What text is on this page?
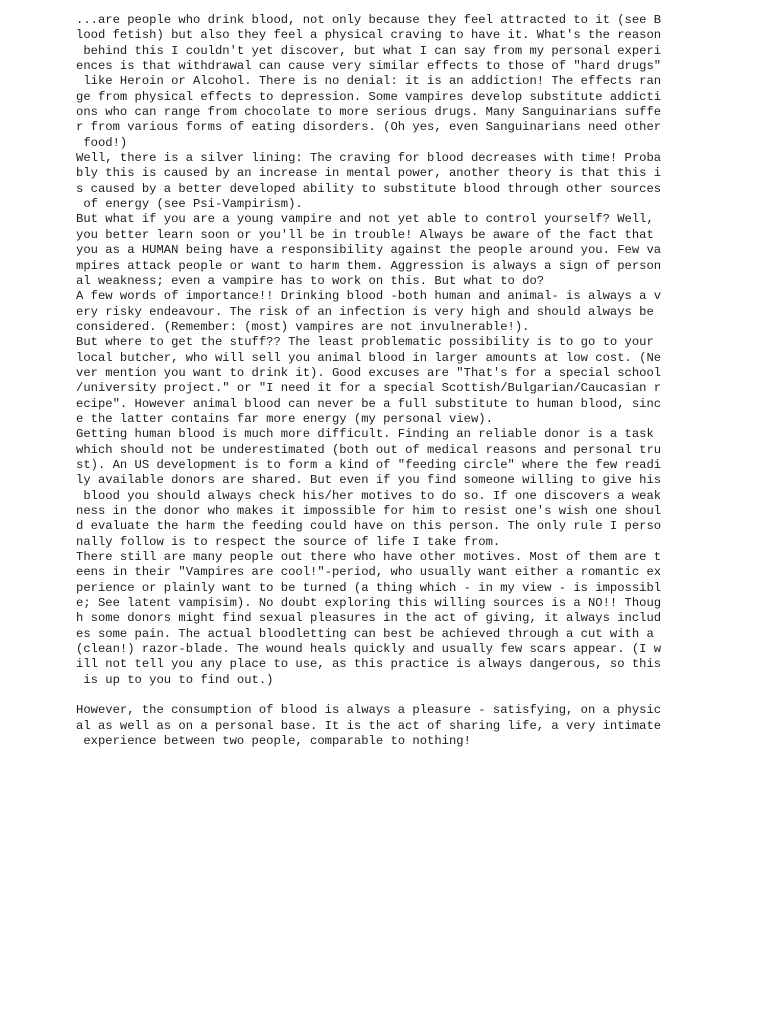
...are people who drink blood, not only because they feel attracted to it (see B
lood fetish) but also they feel a physical craving to have it. What's the reason
behind this I couldn't yet discover, but what I can say from my personal experi
ences is that withdrawal can cause very similar effects to those of "hard drugs"
like Heroin or Alcohol. There is no denial: it is an addiction! The effects ran
ge from physical effects to depression. Some vampires develop substitute addicti
ons who can range from chocolate to more serious drugs. Many Sanguinarians suffe
r from various forms of eating disorders. (Oh yes, even Sanguinarians need other
food!)
Well, there is a silver lining: The craving for blood decreases with time! Proba
bly this is caused by an increase in mental power, another theory is that this i
s caused by a better developed ability to substitute blood through other sources
of energy (see Psi-Vampirism).
But what if you are a young vampire and not yet able to control yourself? Well,
you better learn soon or you'll be in trouble! Always be aware of the fact that
you as a HUMAN being have a responsibility against the people around you. Few va
mpires attack people or want to harm them. Aggression is always a sign of person
al weakness; even a vampire has to work on this. But what to do?
A few words of importance!! Drinking blood -both human and animal- is always a v
ery risky endeavour. The risk of an infection is very high and should always be
considered. (Remember: (most) vampires are not invulnerable!).
But where to get the stuff?? The least problematic possibility is to go to your
local butcher, who will sell you animal blood in larger amounts at low cost. (Ne
ver mention you want to drink it). Good excuses are "That's for a special school
/university project." or "I need it for a special Scottish/Bulgarian/Caucasian r
ecipe". However animal blood can never be a full substitute to human blood, sinc
e the latter contains far more energy (my personal view).
Getting human blood is much more difficult. Finding an reliable donor is a task
which should not be underestimated (both out of medical reasons and personal tru
st). An US development is to form a kind of "feeding circle" where the few readi
ly available donors are shared. But even if you find someone willing to give his
blood you should always check his/her motives to do so. If one discovers a weak
ness in the donor who makes it impossible for him to resist one's wish one shoul
d evaluate the harm the feeding could have on this person. The only rule I perso
nally follow is to respect the source of life I take from.
There still are many people out there who have other motives. Most of them are t
eens in their "Vampires are cool!"-period, who usually want either a romantic ex
perience or plainly want to be turned (a thing which - in my view - is impossibl
e; See latent vampisim). No doubt exploring this willing sources is a NO!! Thoug
h some donors might find sexual pleasures in the act of giving, it always includ
es some pain. The actual bloodletting can best be achieved through a cut with a
(clean!) razor-blade. The wound heals quickly and usually few scars appear. (I w
ill not tell you any place to use, as this practice is always dangerous, so this
is up to you to find out.)
However, the consumption of blood is always a pleasure - satisfying, on a physic
al as well as on a personal base. It is the act of sharing life, a very intimate
experience between two people, comparable to nothing!
